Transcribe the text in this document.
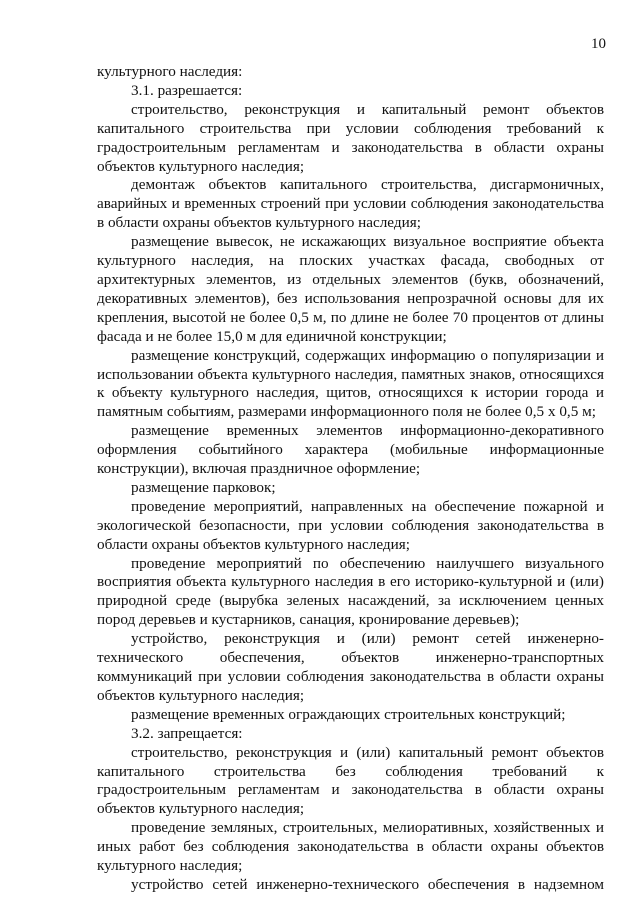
10

культурного наследия:

3.1. разрешается:

строительство, реконструкция и капитальный ремонт объектов капитального строительства при условии соблюдения требований к градостроительным регламентам и законодательства в области охраны объектов культурного наследия;

демонтаж объектов капитального строительства, дисгармоничных, аварийных и временных строений при условии соблюдения законодательства в области охраны объектов культурного наследия;

размещение вывесок, не искажающих визуальное восприятие объекта культурного наследия, на плоских участках фасада, свободных от архитектурных элементов, из отдельных элементов (букв, обозначений, декоративных элементов), без использования непрозрачной основы для их крепления, высотой не более 0,5 м, по длине не более 70 процентов от длины фасада и не более 15,0 м для единичной конструкции;

размещение конструкций, содержащих информацию о популяризации и использовании объекта культурного наследия, памятных знаков, относящихся к объекту культурного наследия, щитов, относящихся к истории города и памятным событиям, размерами информационного поля не более 0,5 х 0,5 м;

размещение временных элементов информационно-декоративного оформления событийного характера (мобильные информационные конструкции), включая праздничное оформление;

размещение парковок;

проведение мероприятий, направленных на обеспечение пожарной и экологической безопасности, при условии соблюдения законодательства в области охраны объектов культурного наследия;

проведение мероприятий по обеспечению наилучшего визуального восприятия объекта культурного наследия в его историко-культурной и (или) природной среде (вырубка зеленых насаждений, за исключением ценных пород деревьев и кустарников, санация, кронирование деревьев);

устройство, реконструкция и (или) ремонт сетей инженерно-технического обеспечения, объектов инженерно-транспортных коммуникаций при условии соблюдения законодательства в области охраны объектов культурного наследия;

размещение временных ограждающих строительных конструкций;

3.2. запрещается:

строительство, реконструкция и (или) капитальный ремонт объектов капитального строительства без соблюдения требований к градостроительным регламентам и законодательства в области охраны объектов культурного наследия;

проведение земляных, строительных, мелиоративных, хозяйственных и иных работ без соблюдения законодательства в области охраны объектов культурного наследия;

устройство сетей инженерно-технического обеспечения в надземном
